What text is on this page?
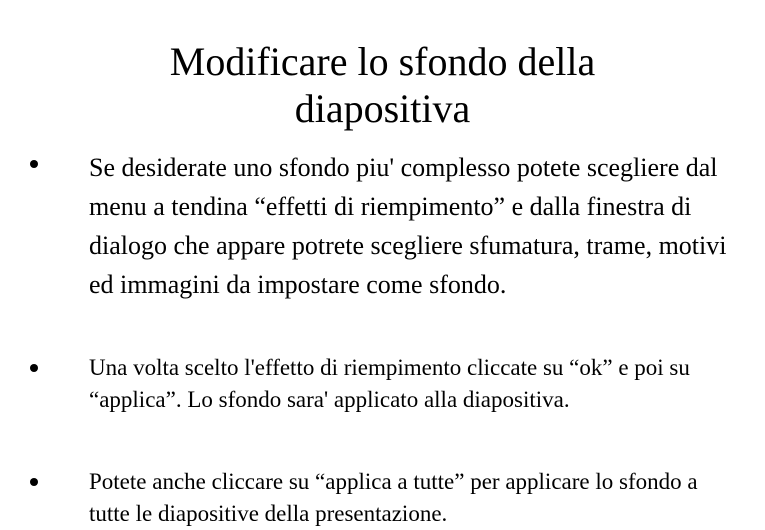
Modificare lo sfondo della
diapositiva

Se desiderate uno sfondo piu' complesso potete scegliere dal menu a tendina “effetti di riempimento” e dalla finestra di dialogo che appare potrete scegliere sfumatura, trame, motivi ed immagini da impostare come sfondo.

Una volta scelto l'effetto di riempimento cliccate su “ok” e poi su “applica”. Lo sfondo sara' applicato alla diapositiva.

Potete anche cliccare su “applica a tutte” per applicare lo sfondo a tutte le diapositive della presentazione.
